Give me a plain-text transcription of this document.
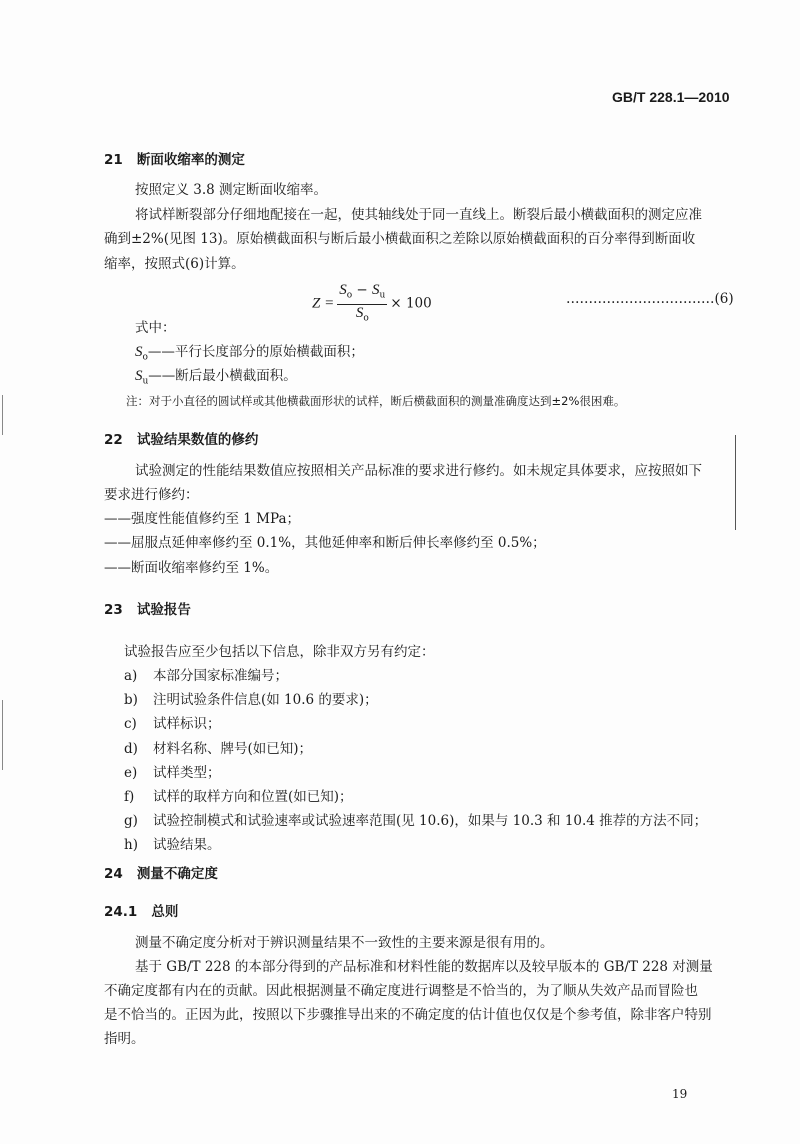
GB/T 228.1—2010
21 断面收缩率的测定
按照定义 3.8 测定断面收缩率。
将试样断裂部分仔细地配接在一起，使其轴线处于同一直线上。断裂后最小横截面积的测定应准
确到±2%(见图 13)。原始横截面积与断后最小横截面积之差除以原始横截面积的百分率得到断面收
缩率，按照式(6)计算。
$Z = \frac{S_o - S_u}{S_o} \times 100$	……………………………(6)
式中：
$S_o——$平行长度部分的原始横截面积；
$S_u——$断后最小横截面积。
注：对于小直径的圆试样或其他横截面形状的试样，断后横截面积的测量准确度达到±2%很困难。
22 试验结果数值的修约
试验测定的性能结果数值应按照相关产品标准的要求进行修约。如未规定具体要求，应按照如下
要求进行修约：
——强度性能值修约至 1 MPa；
——屈服点延伸率修约至 0.1%，其他延伸率和断后伸长率修约至 0.5%；
——断面收缩率修约至 1%。
23 试验报告
试验报告应至少包括以下信息，除非双方另有约定：
a) 本部分国家标准编号；
b) 注明试验条件信息(如 10.6 的要求)；
c) 试样标识；
d) 材料名称、牌号(如已知)；
e) 试样类型；
f) 试样的取样方向和位置(如已知)；
g) 试验控制模式和试验速率或试验速率范围(见 10.6)，如果与 10.3 和 10.4 推荐的方法不同；
h) 试验结果。
24 测量不确定度
24.1 总则
测量不确定度分析对于辨识测量结果不一致性的主要来源是很有用的。
基于 GB/T 228 的本部分得到的产品标准和材料性能的数据库以及较早版本的 GB/T 228 对测量
不确定度都有内在的贡献。因此根据测量不确定度进行调整是不恰当的，为了顺从失效产品而冒险也
是不恰当的。正因为此，按照以下步骤推导出来的不确定度的估计值也仅仅是个参考值，除非客户特别
指明。
19
